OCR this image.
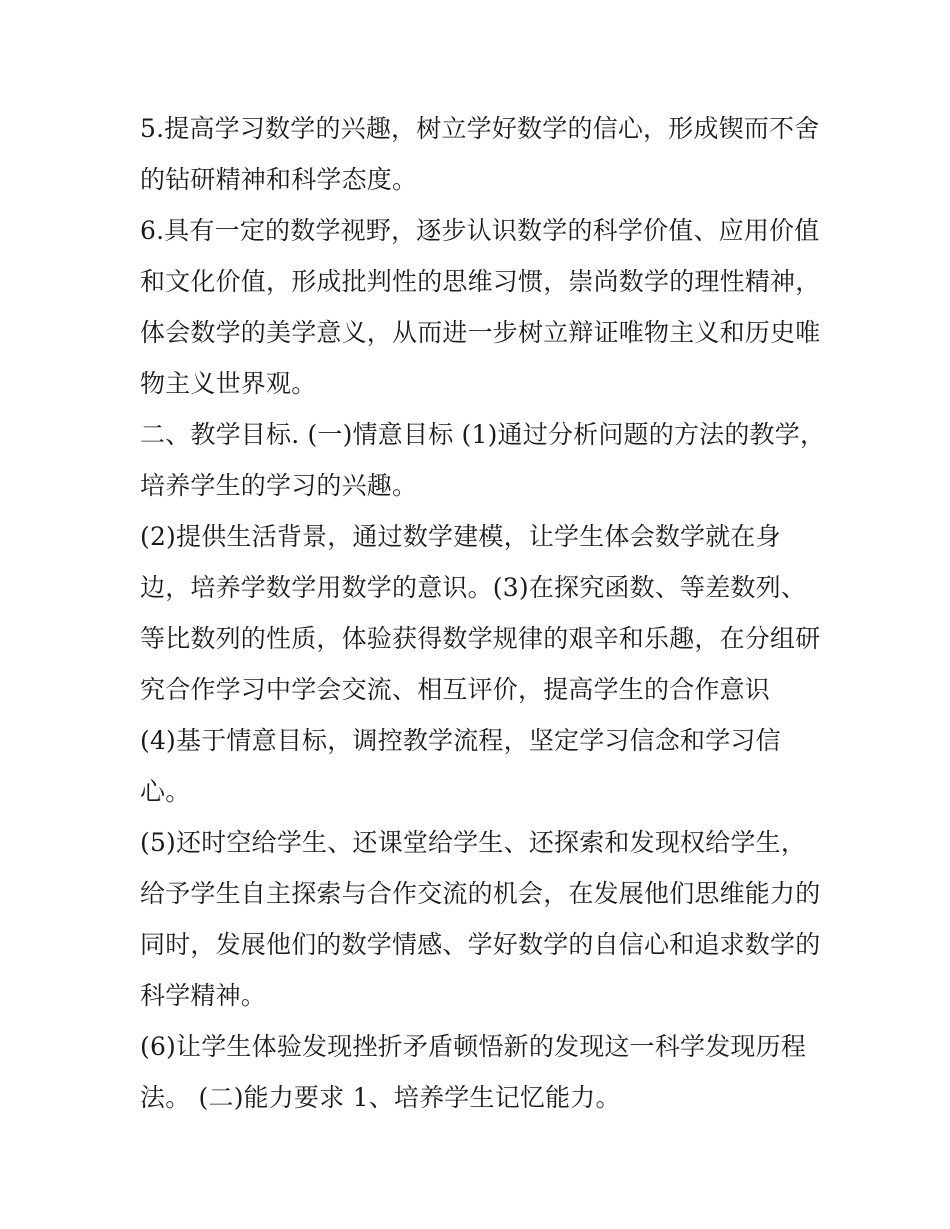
5.提高学习数学的兴趣，树立学好数学的信心，形成锲而不舍
的钻研精神和科学态度。
6.具有一定的数学视野，逐步认识数学的科学价值、应用价值
和文化价值，形成批判性的思维习惯，崇尚数学的理性精神，
体会数学的美学意义，从而进一步树立辩证唯物主义和历史唯
物主义世界观。
二、教学目标. (一)情意目标 (1)通过分析问题的方法的教学，
培养学生的学习的兴趣。
(2)提供生活背景，通过数学建模，让学生体会数学就在身
边，培养学数学用数学的意识。(3)在探究函数、等差数列、
等比数列的性质，体验获得数学规律的艰辛和乐趣，在分组研
究合作学习中学会交流、相互评价，提高学生的合作意识
(4)基于情意目标，调控教学流程，坚定学习信念和学习信
心。
(5)还时空给学生、还课堂给学生、还探索和发现权给学生，
给予学生自主探索与合作交流的机会，在发展他们思维能力的
同时，发展他们的数学情感、学好数学的自信心和追求数学的
科学精神。
(6)让学生体验发现挫折矛盾顿悟新的发现这一科学发现历程
法。 (二)能力要求 1、培养学生记忆能力。
